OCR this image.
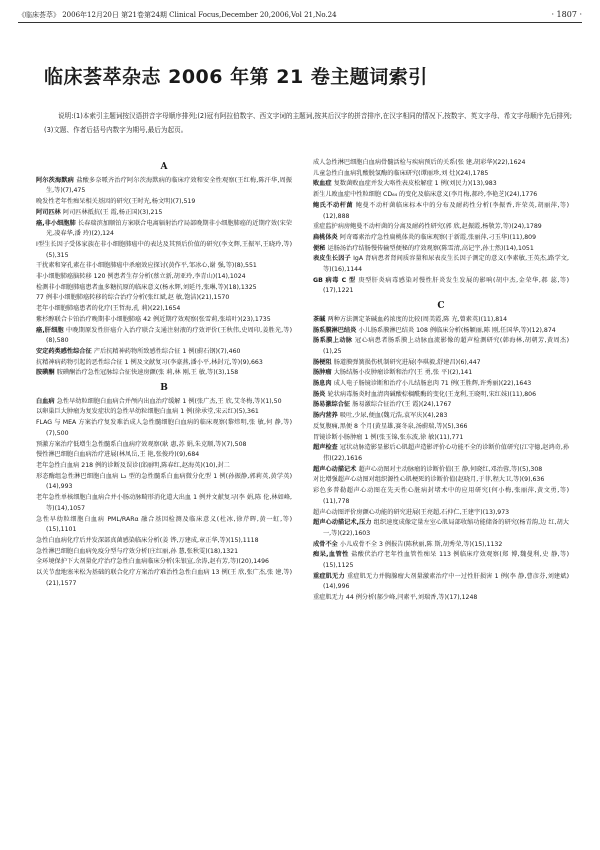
《临床荟萃》 2006年12月20日 第21卷第24期 Clinical Focus,December 20,2006,Vol 21,No.24	· 1807 ·
临床荟萃杂志 2006 年第 21 卷主题词索引
说明:(1)本索引主题词按汉语拼音字母顺序排列;(2)冠有阿拉伯数字、西文字词的主题词,按其后汉字的拼音排序,在汉字相同的情况下,按数字、英文字母、希文字母顺序先后排列;(3)文题、作者后括号内数字为期号,最后为起页。
A
阿尔茨海默病 盐酸多奈哌齐治疗阿尔茨海默病的临床疗效和安全性观察(王红梅,陈汗华,周振生,等)(7),475
晚发性老年性痴呆相关基因的研究(王时光,杨文明)(7),519
阿司匹林 阿司匹林抵抗(王 霞,杨正国)(3),215
癌,非小细胞肺 长春瑞滨加顺铂方案联合电离辐射治疗局部晚期非小细胞肺癌的近期疗效(宋荣光,凌春华,潘 玲)(2),124
Ⅰ型生长因子受体家族在非小细胞肺癌中的表达及其预后价值的研究(李文辉,王振军,王晓玲,等)(5),315
干扰素和穿孔素在非小细胞肺癌中杀瘤效应探讨(黄作平,邹冰心,谢 强,等)(8),551
非小细胞肺癌脑转移 120 例患者生存分析(蔡立新,胡亚玲,李青山)(14),1024
检测非小细胞肺癌患者血多糖抗原的临床意义(杨永辉,刘延丹,张琳,等)(18),1325
77 例非小细胞肺癌转移的综合治疗分析(张红斌,赵 敏,饱洁)(21),1570
老年小细胞肺癌患者的化疗(王哲海,孔 莉)(22),1654
紫杉醇联合卡铂治疗晚期非小细胞肺癌 42 例近期疗效观察(张雪莉,张培叶)(23),1735
癌,肝细胞 中晚期原发性肝癌介入治疗联合支通注射液的疗效评价(王秋伟,史周印,姜胜光,等)(8),580
安定药类感性综合征 产后抗精神药物所致感性综合征 1 例(蔚石钢)(7),460
抗精神病药物引起的恶性综合征 1 例及文献复习(李豪燕,潘小平,林封元,等)(9),663
胺碘酮 胺碘酮治疗急性冠脉综合征快速房颤(张 莉,林 刚,王 敏,等)(3),158
B
白血病 急性早幼粒细胞白血病合并颅内出血治疗缓解 1 例(张广杰,王 欣,艾冬梅,等)(1),50
以卵巢巨大肿瘤为复发症状的急性早幼粒细胞白血病 1 例(徐承堂,宋云红)(5),361
FLAG 与 MEA 方案治疗复发难治成人急性髓细胞白血病的临床观察(黎炜明,张 敏,何 静,等)(7),500
预激方案治疗低增生急性髓系白血病疗效观察(耿 惠,苏 娟,朱克顺,等)(7),508
慢性淋巴细胞白血病治疗进展(林凤岳,王 艳,张俊玲)(9),684
老年急性白血病 218 例的诊断及误诊(邱丽明,陈春红,赵海英)(10),封二
形态酶组急性淋巴细胞白血病 L₂ 型的急性髓系白血病微分化型 1 例(孙振静,郭莉英,黄学英)(14),993
老年急性单核细胞白血病合并小肠动脉畸形消化道大出血 1 例并文献复习(李 娟,陈 伦,林如峰,等)(14),1057
急性早幼粒细胞白血病 PML/RARα 融合基因检测及临床意义(杜冰,徐芹晖,黄一虹,等)(15),1101
急性白血病化疗后并发深部真菌感染临床分析(姜 铧,万建成,章正华,等)(15),1118
急性淋巴细胞白血病免疫分型与疗效分析(庄红丽,孙 慧,张秋雯)(18),1321
全环境保护下大剂量化疗治疗急性白血病临床分析(朱银宣,余涛,赵有芳,等)(20),1496
以关节盘地塞米松为基础的联合化疗方案治疗难治性急性白血病 13 例(王 欣,张广杰,张 建,等)(21),1577
成人急性淋巴细胞白血病骨髓活检与疾病预后的关系(张 建,胡彩华)(22),1624
儿童急性白血病乳酸脱氢酶的临床研究(谭丽珍,刘 灶)(24),1785
败血症 复数菌败血症并发大咯性表皮松解症 1 例(刘民力)(13),983
新生儿败血症中性粒细胞 CD₆₄ 的变化及临床意义(李月梅,郝玲,李艳芝)(24),1776
鲍氏不动杆菌 鲍曼不动杆菌临床标本中的分布及耐药性分析(李振香,许荣英,胡丽萍,等)(12),888
重症监护病房鲍曼不动杆菌的分离及耐药性研究(郭 欣,赵振霞,杨敬芳,等)(24),1789
扁桃体炎 阿奇霉素治疗急性扁桃体炎的临床观察(于新霞,张丽萍,刁玉华)(11),809
便秘 运肠汤治疗结肠慢传输型便秘的疗效观察(陈雪清,高记宇,孙士然)(14),1051
表皮生长因子 IgA 肾病患者肾间质容量和尿表皮生长因子测定的意义(李素敏,王英杰,路学文,等)(16),1144
GB 病毒 C 型 庚型肝炎病毒感染对慢性肝炎发生发展的影响(胡中杰,金荣华,郝 蕊,等)(17),1221
C
茶碱 两种方法测定茶碱血药浓度的比较(周美霞,陈 光,曾素英)(11),814
肠系膜淋巴结炎 小儿肠系膜淋巴结炎 108 例临床分析(杨颖丽,陈 刚,任国华,等)(12),874
肠系膜上动脉 冠心病患者肠系膜上动脉血流影像的超声检测研究(韩海林,胡朝芳,黄周杰)(1),25
肠梗阻 肠道膜弹簧损伤机制研究进展(李琪毅,舒建昌)(6),447
肠肿瘤 大肠结肠小皮肿瘤诊断和治疗(王 勇,张 平)(2),141
肠息肉 成人电子肠镜诊断和治疗小儿结肠息肉 71 例(王胜辉,许秀丽)(22),1643
肠炎 轮状病毒肠炎时血清肉碱酸棕榈酰酶的变化(王龙利,王晓明,宋红妹)(11),806
肠易激综合征 肠易激综合征治疗(王 霞)(24),1767
肠内营养 吸吐,少尿,便血(魏元浩,袁军庆)(4),283
反复腹痛,黑便 8 个月(黄星雄,赛冬泉,汤蔚瑞,等)(5),366
胃镜诊断小肠肿瘤 1 例(张玉锦,张东波,徐 敏)(11),771
超声检查 冠状动脉造影显影后心肌超声造影评价心功能不全的诊断价值研究(江守德,赵鸿奇,孙 伟)(22),1616
超声心动描记术 超声心动图对主动脉瘤的诊断价值(王 静,何晓红,邓治蓉,等)(5),308
对比增强超声心动图对组织源性心肌梗死的诊断价值(赵晓月,于菲,程大卫,等)(9),636
彩色多普勒超声心动图在先天性心脏病封堵术中的应用研究(何小梅,张丽萍,黄文勇,等)(11),778
超声心动图评价房颤心功能的研究进展(王亮超,石仲仁,王建宇)(13),973
超声心动描记术,压力 组织速度成像定量左室心肌局部收缩功能储备的研究(杨青韵,边 红,胡大一,等)(22),1603
成骨不全 小儿成骨不全 3 例报告(陈秋丽,陈 斯,胡秀荣,等)(15),1132
痴呆,血管性 盐酸伏治疗老年性血管性痴呆 113 例临床疗效观察(郑 博,魏曼利,史 静,等)(15),1125
重症肌无力 重症肌无力并胸腺瘤大剂量激素治疗中一过性肝损害 1 例(李 静,曹彦芬,刘建斌)(14),996
重症肌无力 44 例分析(郝少峰,闫素平,刘瑞香,等)(17),1248
